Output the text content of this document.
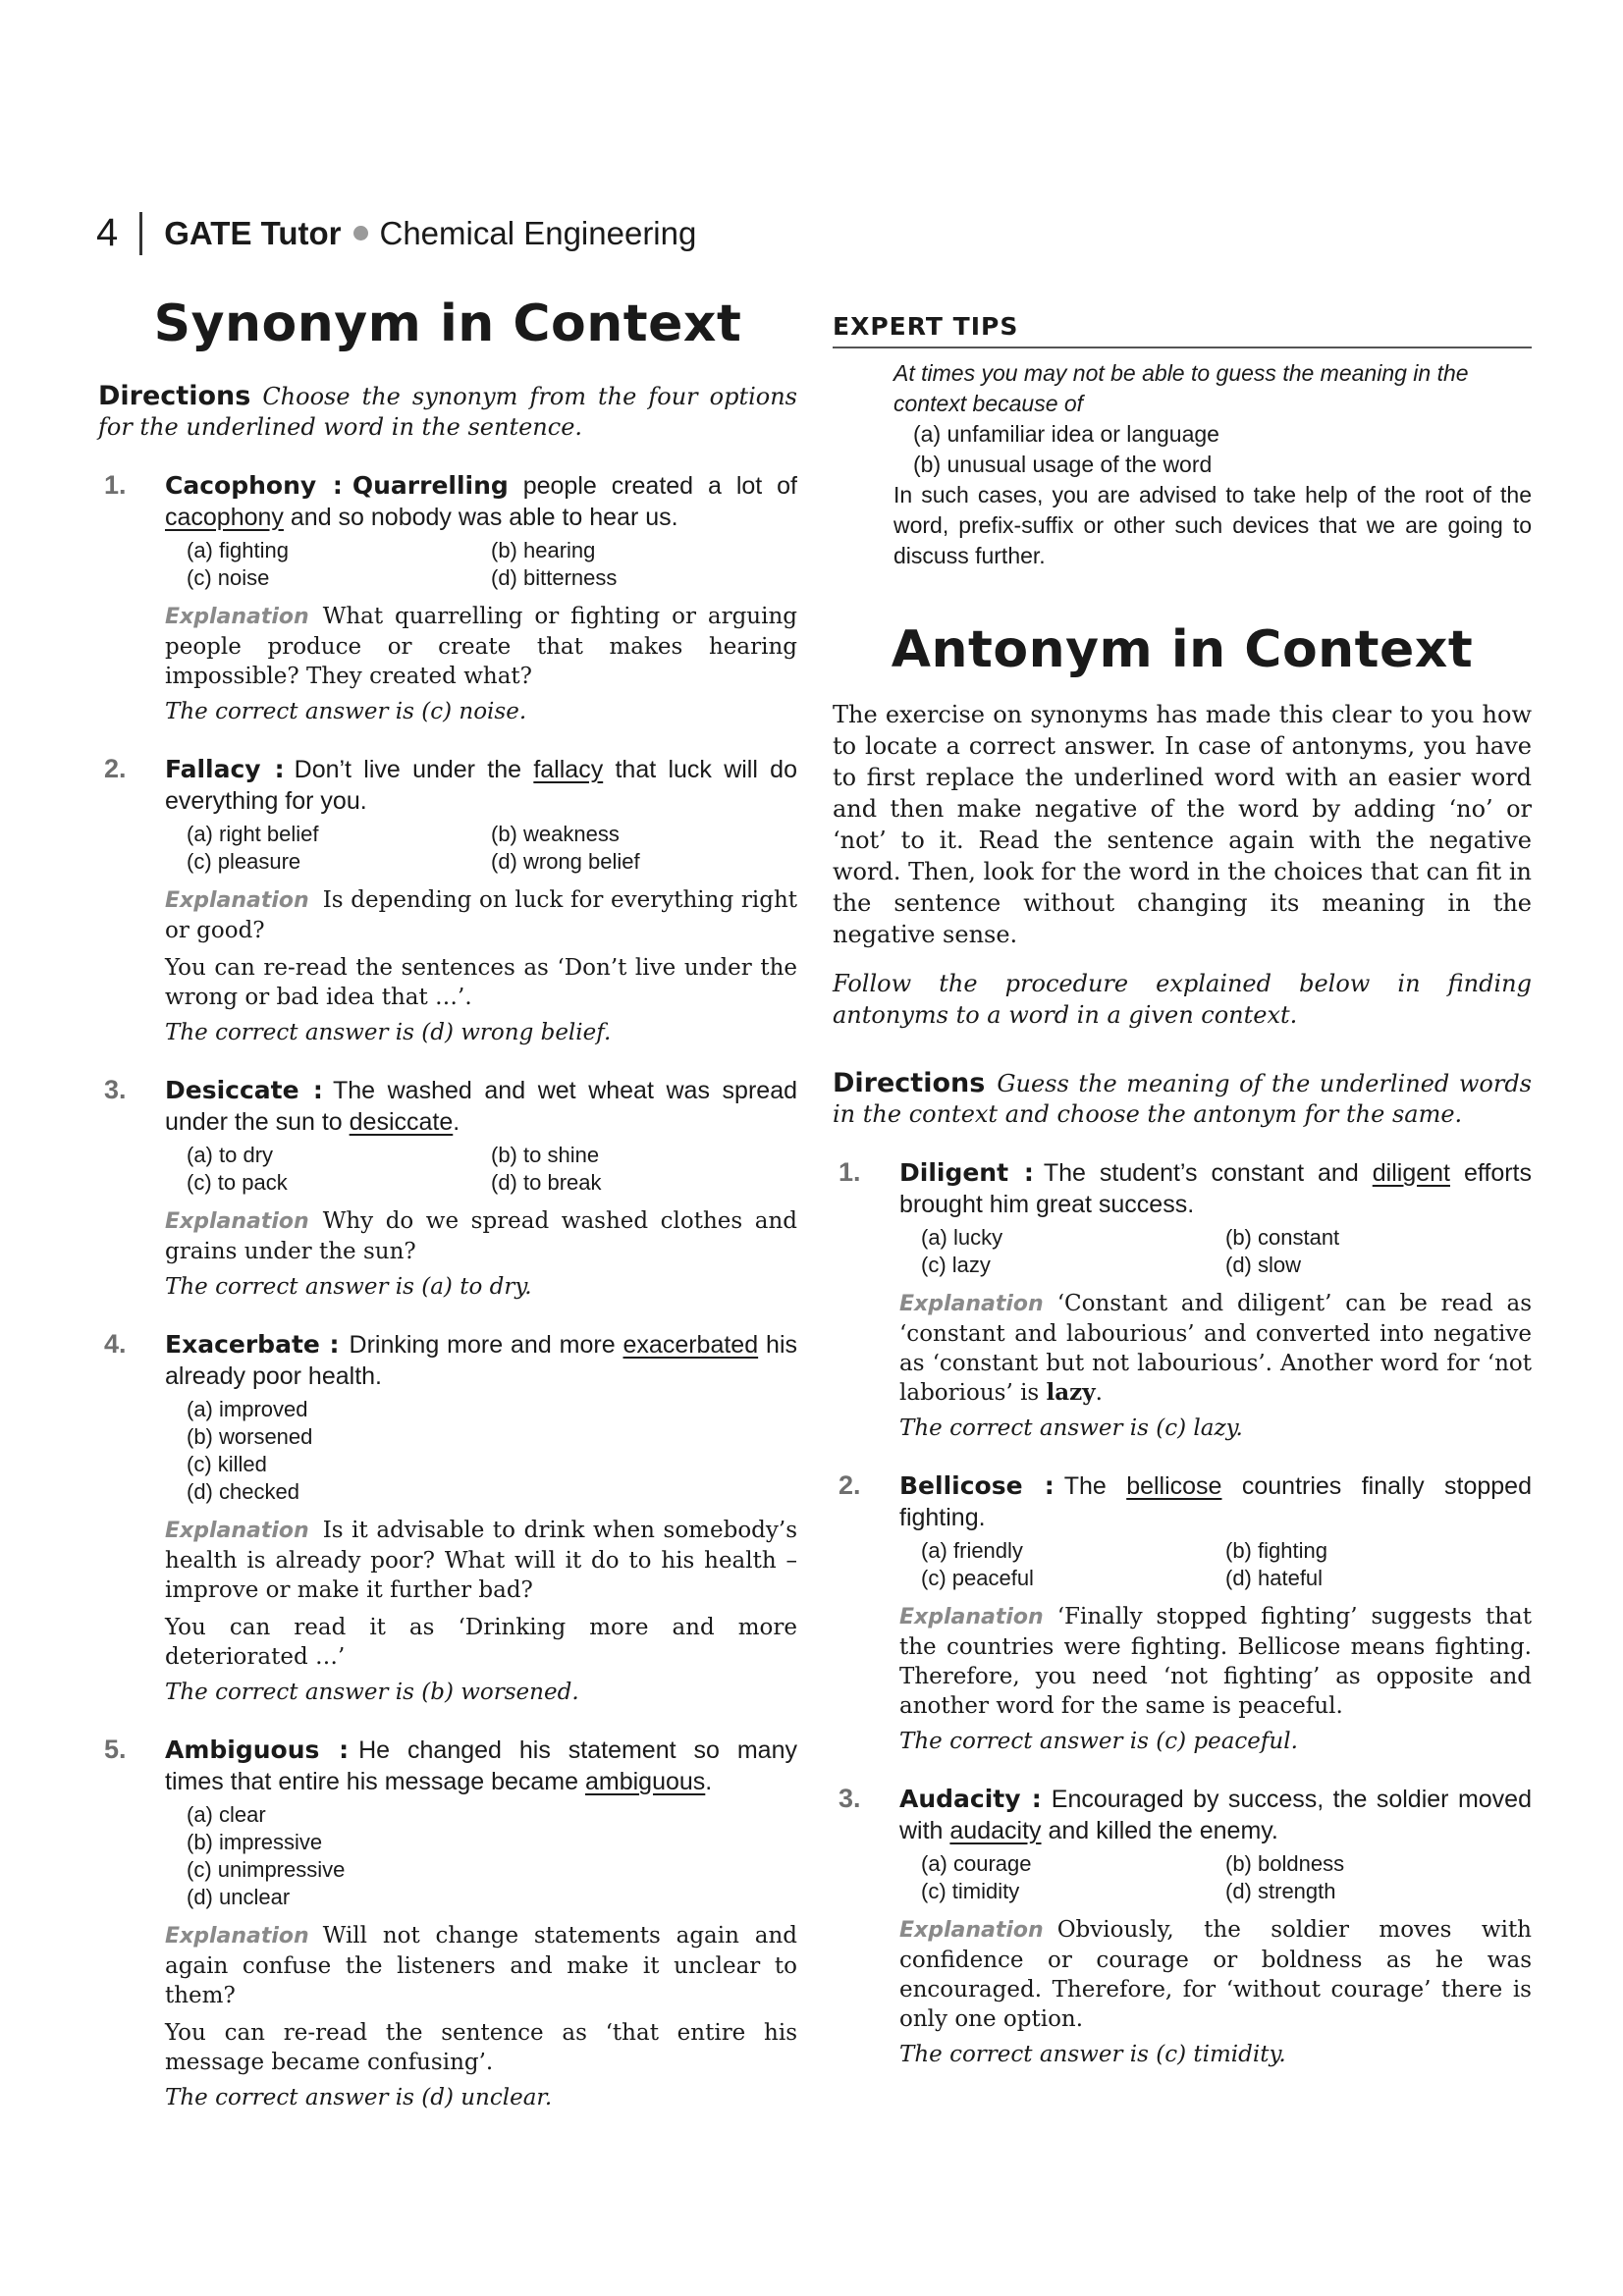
4 GATE Tutor Chemical Engineering
Synonym in Context
Directions Choose the synonym from the four options for the underlined word in the sentence.
1. Cacophony : Quarrelling people created a lot of cacophony and so nobody was able to hear us.
(a) fighting	(b) hearing
(c) noise	(d) bitterness
Explanation What quarrelling or fighting or arguing people produce or create that makes hearing impossible? They created what?
The correct answer is (c) noise.
2. Fallacy : Don’t live under the fallacy that luck will do everything for you.
(a) right belief	(b) weakness
(c) pleasure	(d) wrong belief
Explanation Is depending on luck for everything right or good?
You can re-read the sentences as ‘Don’t live under the wrong or bad idea that …’.
The correct answer is (d) wrong belief.
3. Desiccate : The washed and wet wheat was spread under the sun to desiccate.
(a) to dry	(b) to shine
(c) to pack	(d) to break
Explanation Why do we spread washed clothes and grains under the sun?
The correct answer is (a) to dry.
4. Exacerbate : Drinking more and more exacerbated his already poor health.
(a) improved
(b) worsened
(c) killed
(d) checked
Explanation Is it advisable to drink when somebody’s health is already poor? What will it do to his health – improve or make it further bad?
You can read it as ‘Drinking more and more deteriorated …’
The correct answer is (b) worsened.
5. Ambiguous : He changed his statement so many times that entire his message became ambiguous.
(a) clear
(b) impressive
(c) unimpressive
(d) unclear
Explanation Will not change statements again and again confuse the listeners and make it unclear to them?
You can re-read the sentence as ‘that entire his message became confusing’.
The correct answer is (d) unclear.
EXPERT TIPS
At times you may not be able to guess the meaning in the context because of
(a) unfamiliar idea or language
(b) unusual usage of the word
In such cases, you are advised to take help of the root of the word, prefix-suffix or other such devices that we are going to discuss further.
Antonym in Context
The exercise on synonyms has made this clear to you how to locate a correct answer. In case of antonyms, you have to first replace the underlined word with an easier word and then make negative of the word by adding ‘no’ or ‘not’ to it. Read the sentence again with the negative word. Then, look for the word in the choices that can fit in the sentence without changing its meaning in the negative sense.
Follow the procedure explained below in finding antonyms to a word in a given context.
Directions Guess the meaning of the underlined words in the context and choose the antonym for the same.
1. Diligent : The student’s constant and diligent efforts brought him great success.
(a) lucky	(b) constant
(c) lazy	(d) slow
Explanation ‘Constant and diligent’ can be read as ‘constant and labourious’ and converted into negative as ‘constant but not labourious’. Another word for ‘not laborious’ is lazy.
The correct answer is (c) lazy.
2. Bellicose : The bellicose countries finally stopped fighting.
(a) friendly	(b) fighting
(c) peaceful	(d) hateful
Explanation ‘Finally stopped fighting’ suggests that the countries were fighting. Bellicose means fighting. Therefore, you need ‘not fighting’ as opposite and another word for the same is peaceful.
The correct answer is (c) peaceful.
3. Audacity : Encouraged by success, the soldier moved with audacity and killed the enemy.
(a) courage	(b) boldness
(c) timidity	(d) strength
Explanation Obviously, the soldier moves with confidence or courage or boldness as he was encouraged. Therefore, for ‘without courage’ there is only one option.
The correct answer is (c) timidity.
